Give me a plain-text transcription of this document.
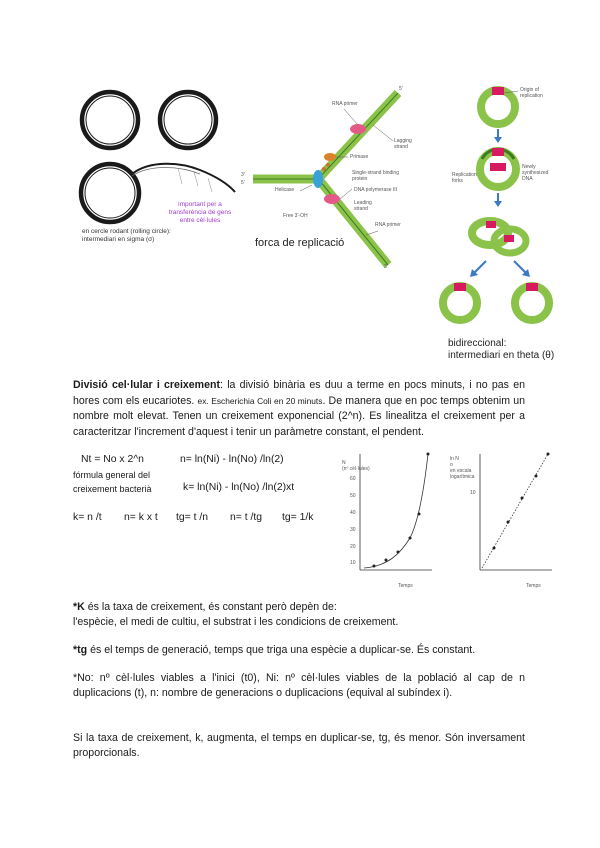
important per a
transferència de gens
entre cèl·lules
en cercle rodant (rolling circle):
intermediari en sigma (σ)
RNA primer
Lagging strand
Primase
Single-strand binding protein
Helicase	DNA polymerase III
Leading strand
Free 3'-OH
RNA primer
5'
3'
5'
3'
forca de replicació
Origin of replication
Replication forks
Newly synthesized DNA
bidireccional:
intermediari en theta (θ)
Divisió cel·lular i creixement: la divisió binària es duu a terme en pocs minuts, i no pas en hores com els eucariotes. ex. Escherichia Coli en 20 minuts. De manera que en poc temps obtenim un nombre molt elevat. Tenen un creixement exponencial (2^n). Es linealitza el creixement per a caracteritzar l'increment d'aquest i tenir un paràmetre constant, el pendent.
Nt = No x 2^n	n= ln(Ni) - ln(No) /ln(2)
fórmula general del
creixement bacterià	k= ln(Ni) - ln(No) /ln(2)xt
k= n /t n= k x t tg= t /n n= t /tg tg= 1/k
N
(nº cèl·lules)
60
50
40
30
20
10
Temps
ln N
o
en escala
logarítmica
10
Temps
*K és la taxa de creixement, és constant però depèn de:
l'espècie, el medi de cultiu, el substrat i les condicions de creixement.
*tg és el temps de generació, temps que triga una espècie a duplicar-se. És constant.
*No: nº cèl·lules viables a l'inici (t0), Ni: nº cèl·lules viables de la població al cap de n duplicacions (t), n: nombre de generacions o duplicacions (equival al subíndex i).
Si la taxa de creixement, k, augmenta, el temps en duplicar-se, tg, és menor. Són inversament proporcionals.
